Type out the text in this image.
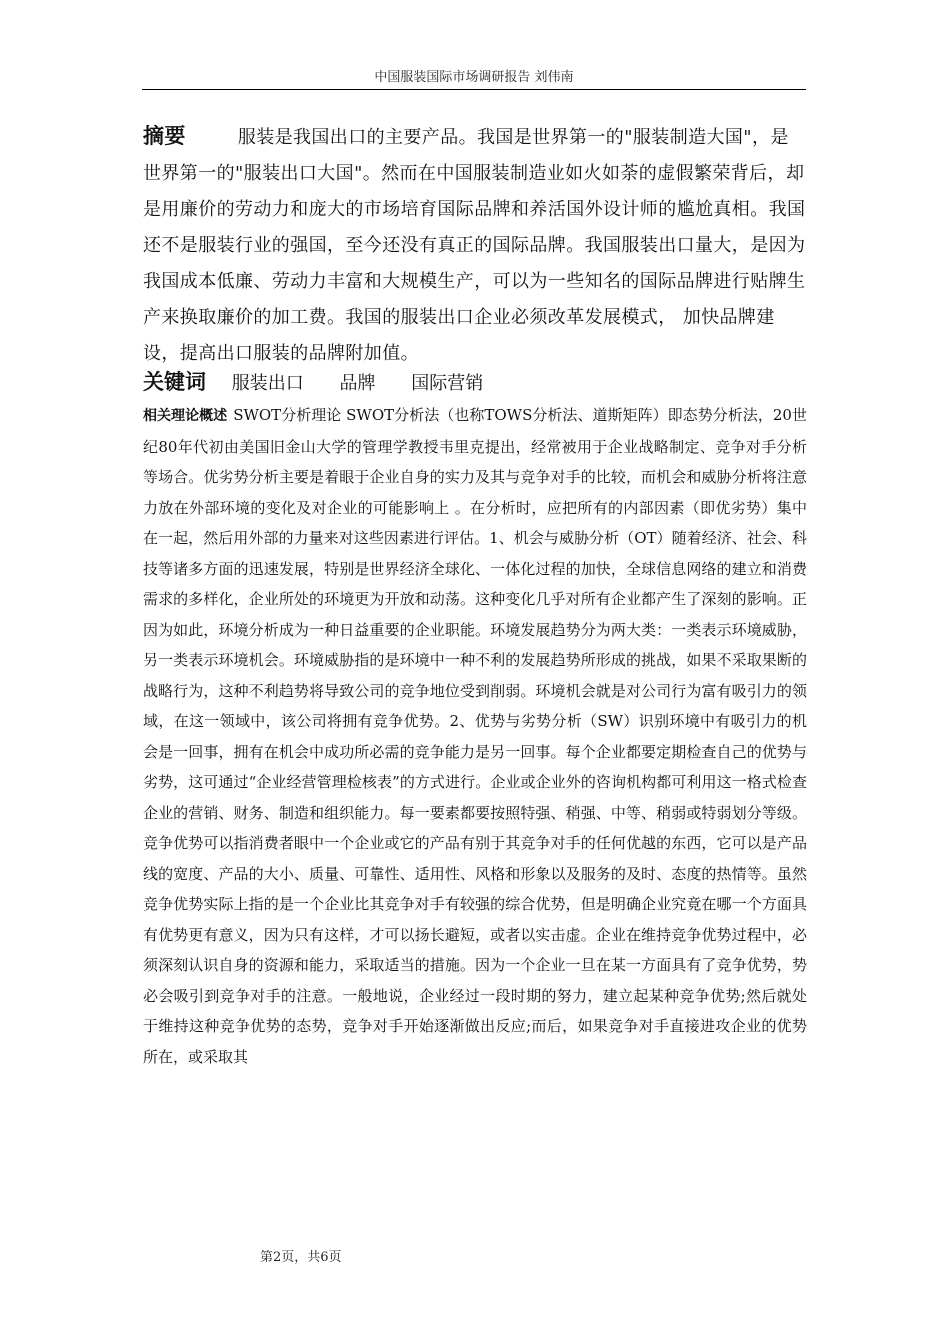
中国服装国际市场调研报告 刘伟南

摘要	服装是我国出口的主要产品。我国是世界第一的"服装制造大国"，是世界第一的"服装出口大国"。然而在中国服装制造业如火如荼的虚假繁荣背后，却是用廉价的劳动力和庞大的市场培育国际品牌和养活国外设计师的尴尬真相。我国还不是服装行业的强国，至今还没有真正的国际品牌。我国服装出口量大，是因为我国成本低廉、劳动力丰富和大规模生产，可以为一些知名的国际品牌进行贴牌生产来换取廉价的加工费。我国的服装出口企业必须改革发展模式， 加快品牌建设，提高出口服装的品牌附加值。

关键词 服装出口 品牌 国际营销

相关理论概述 SWOT分析理论 SWOT分析法（也称TOWS分析法、道斯矩阵）即态势分析法，20世纪80年代初由美国旧金山大学的管理学教授韦里克提出，经常被用于企业战略制定、竞争对手分析等场合。优劣势分析主要是着眼于企业自身的实力及其与竞争对手的比较，而机会和威胁分析将注意力放在外部环境的变化及对企业的可能影响上 。在分析时，应把所有的内部因素（即优劣势）集中在一起，然后用外部的力量来对这些因素进行评估。1、机会与威胁分析（OT）随着经济、社会、科技等诸多方面的迅速发展，特别是世界经济全球化、一体化过程的加快，全球信息网络的建立和消费需求的多样化，企业所处的环境更为开放和动荡。这种变化几乎对所有企业都产生了深刻的影响。正因为如此，环境分析成为一种日益重要的企业职能。环境发展趋势分为两大类：一类表示环境威胁，另一类表示环境机会。环境威胁指的是环境中一种不利的发展趋势所形成的挑战，如果不采取果断的战略行为，这种不利趋势将导致公司的竞争地位受到削弱。环境机会就是对公司行为富有吸引力的领域，在这一领域中，该公司将拥有竞争优势。2、优势与劣势分析（SW）识别环境中有吸引力的机会是一回事，拥有在机会中成功所必需的竞争能力是另一回事。每个企业都要定期检查自己的优势与劣势，这可通过“企业经营管理检核表”的方式进行。企业或企业外的咨询机构都可利用这一格式检查企业的营销、财务、制造和组织能力。每一要素都要按照特强、稍强、中等、稍弱或特弱划分等级。 竞争优势可以指消费者眼中一个企业或它的产品有别于其竞争对手的任何优越的东西，它可以是产品线的宽度、产品的大小、质量、可靠性、适用性、风格和形象以及服务的及时、态度的热情等。虽然竞争优势实际上指的是一个企业比其竞争对手有较强的综合优势，但是明确企业究竟在哪一个方面具有优势更有意义，因为只有这样，才可以扬长避短，或者以实击虚。企业在维持竞争优势过程中，必须深刻认识自身的资源和能力，采取适当的措施。因为一个企业一旦在某一方面具有了竞争优势，势必会吸引到竞争对手的注意。一般地说，企业经过一段时期的努力，建立起某种竞争优势;然后就处于维持这种竞争优势的态势，竞争对手开始逐渐做出反应;而后，如果竞争对手直接进攻企业的优势所在，或采取其

第2页，共6页
